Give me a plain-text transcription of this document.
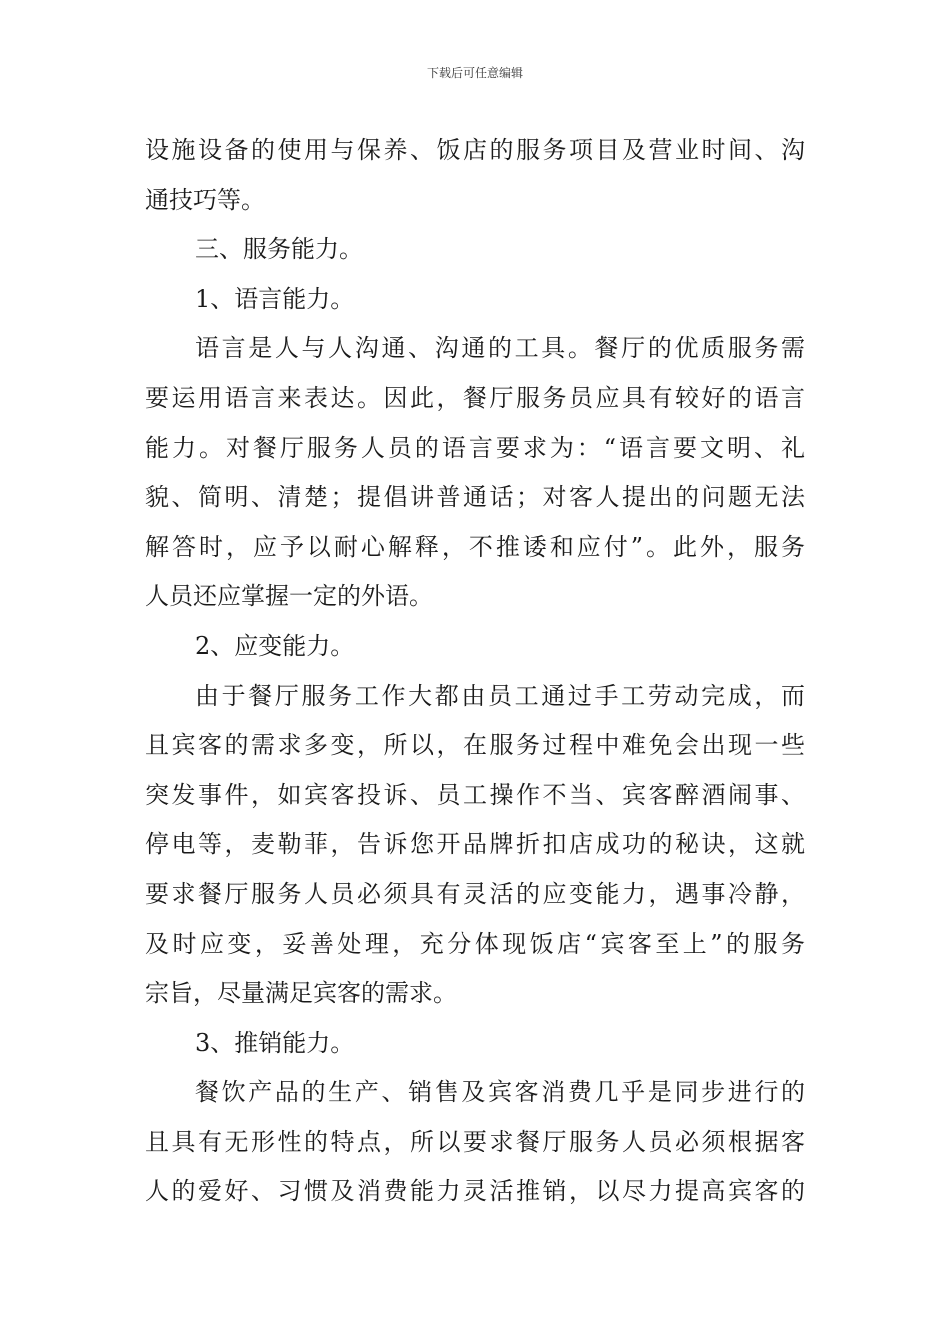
下载后可任意编辑
设施设备的使用与保养、饭店的服务项目及营业时间、沟
通技巧等。
三、服务能力。
1、语言能力。
语言是人与人沟通、沟通的工具。餐厅的优质服务需
要运用语言来表达。因此，餐厅服务员应具有较好的语言
能力。对餐厅服务人员的语言要求为：“语言要文明、礼
貌、简明、清楚；提倡讲普通话；对客人提出的问题无法
解答时，应予以耐心解释，不推诿和应付”。此外，服务
人员还应掌握一定的外语。
2、应变能力。
由于餐厅服务工作大都由员工通过手工劳动完成，而
且宾客的需求多变，所以，在服务过程中难免会出现一些
突发事件，如宾客投诉、员工操作不当、宾客醉酒闹事、
停电等，麦勒菲，告诉您开品牌折扣店成功的秘诀，这就
要求餐厅服务人员必须具有灵活的应变能力，遇事冷静，
及时应变，妥善处理，充分体现饭店“宾客至上”的服务
宗旨，尽量满足宾客的需求。
3、推销能力。
餐饮产品的生产、销售及宾客消费几乎是同步进行的
且具有无形性的特点，所以要求餐厅服务人员必须根据客
人的爱好、习惯及消费能力灵活推销，以尽力提高宾客的
